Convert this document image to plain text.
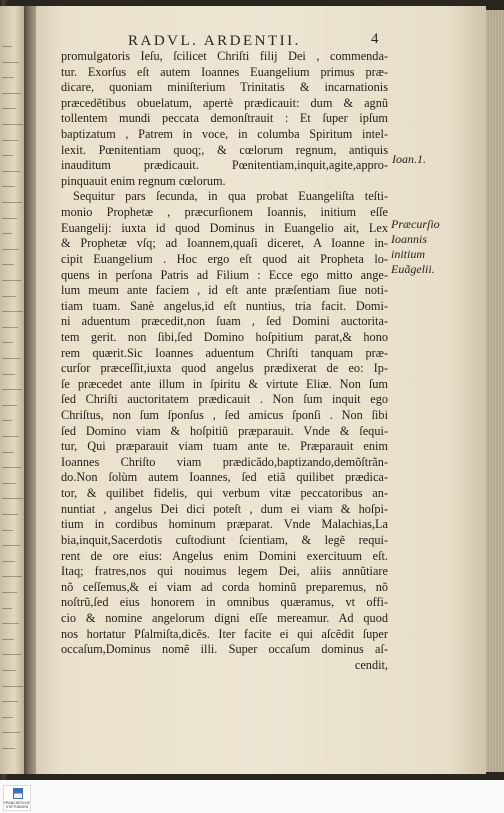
RADVL. ARDENTII.	4
promulgatoris Ieſu, ſcilicet Chriſti filij Dei , commenda-
tur. Exorſus eſt autem Ioannes Euangelium primus præ-
dicare, quoniam miniſterium Trinitatis & incarnationis
præcedẽtibus obuelatum, apertè prædicauit: dum & agnũ
tollentem mundi peccata demonſtrauit : Et ſuper ipſum
baptizatum , Patrem in voce, in columba Spiritum intel-
lexit. Pœnitentiam quoq;, & cœlorum regnum, antiquis
inauditum prædicauit. Pœnitentiam,inquit,agite,appro-
pinquauit enim regnum cœlorum.
Sequitur pars ſecunda, in qua probat Euangeliſta teſti-
monio Prophetæ , præcurſionem Ioannis, initium eſſe
Euangelij: iuxta id quod Dominus in Euangelio ait, Lex
& Prophetæ vſq; ad Ioannem,quaſi diceret, A Ioanne in-
cipit Euangelium . Hoc ergo eſt quod ait Propheta lo-
quens in perſona Patris ad Filium : Ecce ego mitto ange-
lum meum ante faciem , id eſt ante præſentiam ſiue noti-
tiam tuam. Sanè angelus,id eſt nuntius, tria facit. Domi-
ni aduentum præcedit,non ſuam , ſed Domini auctorita-
tem gerit. non ſibi,ſed Domino hoſpitium parat,& hono
rem quærit.Sic Ioannes aduentum Chriſti tanquam præ-
curſor præceſſit,iuxta quod angelus prædixerat de eo: Ip-
ſe præcedet ante illum in ſpiritu & virtute Eliæ. Non ſum
ſed Chriſti auctoritatem prædicauit . Non ſum inquit ego
Chriſtus, non ſum ſponſus , ſed amicus ſponſi . Non ſibi
ſed Domino viam & hoſpitiũ præparauit. Vnde & ſequi-
tur, Qui præparauit viam tuam ante te. Præparauit enim
Ioannes Chriſto viam prædicãdo,baptizando,demõſtrãn-
do.Non ſolùm autem Ioannes, ſed etiã quilibet prædica-
tor, & quilibet fidelis, qui verbum vitæ peccatoribus an-
nuntiat , angelus Dei dici poteſt , dum ei viam & hoſpi-
tium in cordibus hominum præparat. Vnde Malachias,La
bia,inquit,Sacerdotis cuſtodiunt ſcientiam, & legẽ requi-
rent de ore eius: Angelus enim Domini exercituum eſt.
Itaq; fratres,nos qui nouimus legem Dei, aliis annũtiare
nõ ceſſemus,& ei viam ad corda hominũ preparemus, nõ
noſtrũ,ſed eius honorem in omnibus quæramus, vt offi-
cio & nomine angelorum digni eſſe mereamur. Ad quod
nos hortatur Pſalmiſta,dicẽs. Iter facite ei qui aſcẽdit ſuper
occaſum,Dominus nomẽ illi. Super occaſum dominus aſ-
cendit,
Ioan.1.
Præcurſio
Ioannis
initium
Euãgelii.
FRANCKESCHE
STIFTUNGEN
